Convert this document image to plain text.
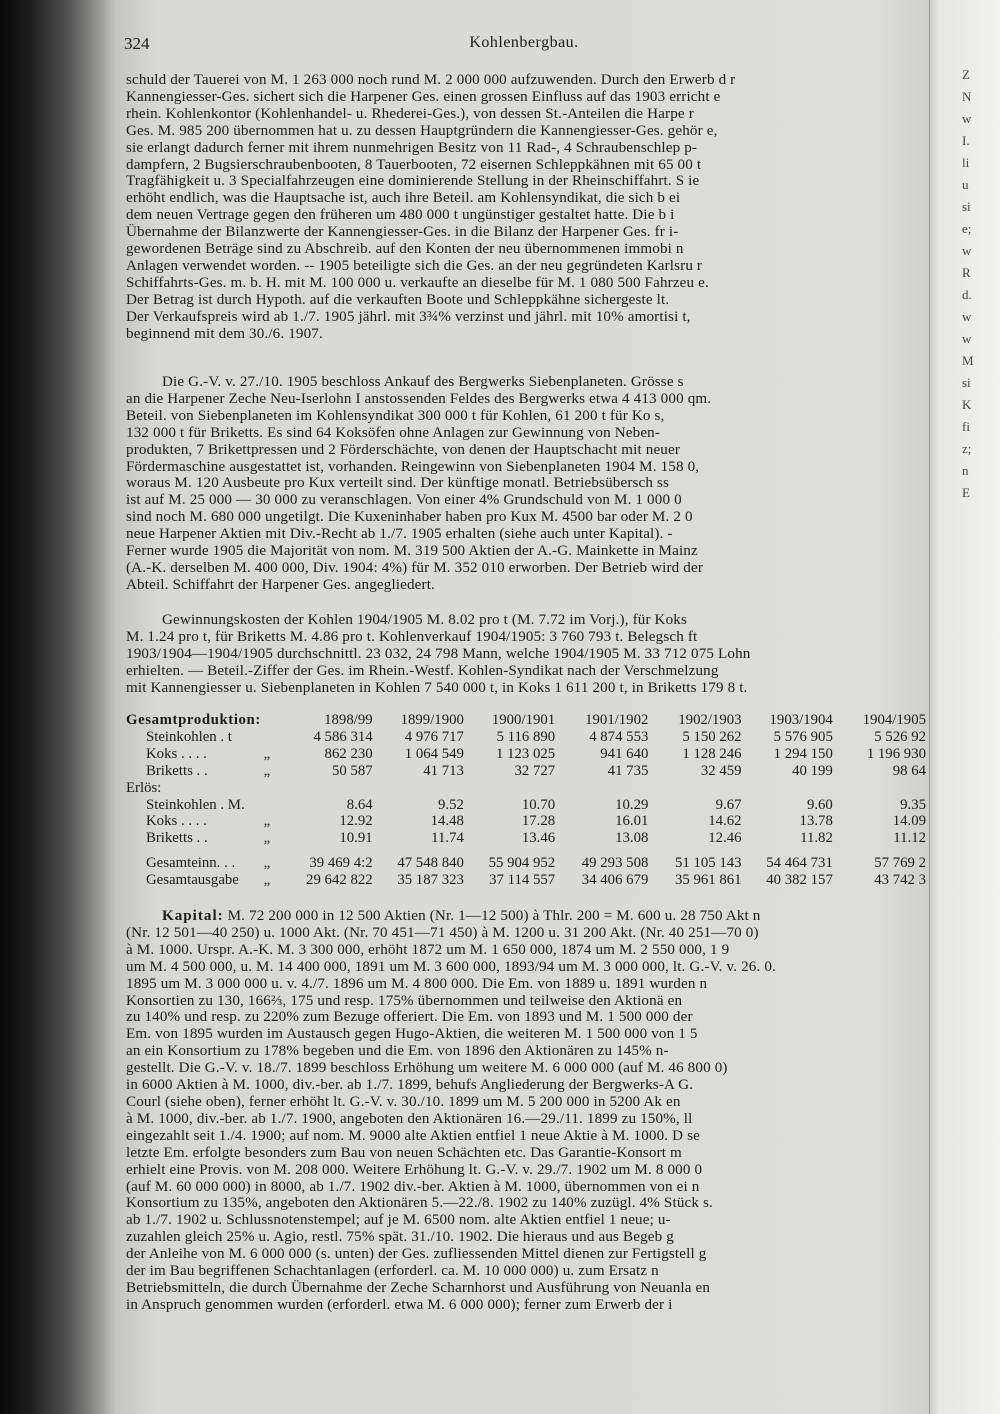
324	Kohlenbergbau.
schuld der Tauerei von M. 1 263 000 noch rund M. 2 000 000 aufzuwenden. Durch den Erwerb d r
Kannengiesser-Ges. sichert sich die Harpener Ges. einen grossen Einfluss auf das 1903 erricht e
rhein. Kohlenkontor (Kohlenhandel- u. Rhederei-Ges.), von dessen St.-Anteilen die Harpe r
Ges. M. 985 200 übernommen hat u. zu dessen Hauptgründern die Kannengiesser-Ges. gehör e,
sie erlangt dadurch ferner mit ihrem nunmehrigen Besitz von 11 Rad-, 4 Schraubenschlep p-
dampfern, 2 Bugsierschraubenbooten, 8 Tauerbooten, 72 eisernen Schleppkähnen mit 65 00 t
Tragfähigkeit u. 3 Specialfahrzeugen eine dominierende Stellung in der Rheinschiffahrt. S ie
erhöht endlich, was die Hauptsache ist, auch ihre Beteil. am Kohlensyndikat, die sich b ei
dem neuen Vertrage gegen den früheren um 480 000 t ungünstiger gestaltet hatte. Die b i
Übernahme der Bilanzwerte der Kannengiesser-Ges. in die Bilanz der Harpener Ges. fr i-
gewordenen Beträge sind zu Abschreib. auf den Konten der neu übernommenen immobi n
Anlagen verwendet worden. -- 1905 beteiligte sich die Ges. an der neu gegründeten Karlsru r
Schiffahrts-Ges. m. b. H. mit M. 100 000 u. verkaufte an dieselbe für M. 1 080 500 Fahrzeu e.
Der Betrag ist durch Hypoth. auf die verkauften Boote und Schleppkähne sichergeste lt.
Der Verkaufspreis wird ab 1./7. 1905 jährl. mit 3¾% verzinst und jährl. mit 10% amortisi t,
beginnend mit dem 30./6. 1907.
Die G.-V. v. 27./10. 1905 beschloss Ankauf des Bergwerks Siebenplaneten. Grösse s
an die Harpener Zeche Neu-Iserlohn I anstossenden Feldes des Bergwerks etwa 4 413 000 qm.
Beteil. von Siebenplaneten im Kohlensyndikat 300 000 t für Kohlen, 61 200 t für Ko s,
132 000 t für Briketts. Es sind 64 Koksöfen ohne Anlagen zur Gewinnung von Neben-
produkten, 7 Brikettpressen und 2 Förderschächte, von denen der Hauptschacht mit neuer
Fördermaschine ausgestattet ist, vorhanden. Reingewinn von Siebenplaneten 1904 M. 158 0,
woraus M. 120 Ausbeute pro Kux verteilt sind. Der künftige monatl. Betriebsübersch ss
ist auf M. 25 000 — 30 000 zu veranschlagen. Von einer 4% Grundschuld von M. 1 000 0
sind noch M. 680 000 ungetilgt. Die Kuxeninhaber haben pro Kux M. 4500 bar oder M. 2 0
neue Harpener Aktien mit Div.-Recht ab 1./7. 1905 erhalten (siehe auch unter Kapital). -
Ferner wurde 1905 die Majorität von nom. M. 319 500 Aktien der A.-G. Mainkette in Mainz
(A.-K. derselben M. 400 000, Div. 1904: 4%) für M. 352 010 erworben. Der Betrieb wird der
Abteil. Schiffahrt der Harpener Ges. angegliedert.
Gewinnungskosten der Kohlen 1904/1905 M. 8.02 pro t (M. 7.72 im Vorj.), für Koks
M. 1.24 pro t, für Briketts M. 4.86 pro t. Kohlenverkauf 1904/1905: 3 760 793 t. Belegsch ft
1903/1904—1904/1905 durchschnittl. 23 032, 24 798 Mann, welche 1904/1905 M. 33 712 075 Lohn
erhielten. — Beteil.-Ziffer der Ges. im Rhein.-Westf. Kohlen-Syndikat nach der Verschmelzung
mit Kannengiesser u. Siebenplaneten in Kohlen 7 540 000 t, in Koks 1 611 200 t, in Briketts 179 8 t.
Gesamtproduktion:		1898/99	1899/1900	1900/1901	1901/1902	1902/1903	1903/1904	1904/1905
Steinkohlen . t		4 586 314	4 976 717	5 116 890	4 874 553	5 150 262	5 576 905	5 526 92
Koks . . . .	„	862 230	1 064 549	1 123 025	941 640	1 128 246	1 294 150	1 196 930
Briketts . .	„	50 587	41 713	32 727	41 735	32 459	40 199	98 64
Erlös:								
Steinkohlen . M.		8.64	9.52	10.70	10.29	9.67	9.60	9.35
Koks . . . .	„	12.92	14.48	17.28	16.01	14.62	13.78	14.09
Briketts . .	„	10.91	11.74	13.46	13.08	12.46	11.82	11.12

Gesamteinn. . .	„	39 469 4:2	47 548 840	55 904 952	49 293 508	51 105 143	54 464 731	57 769 2
Gesamtausgabe	„	29 642 822	35 187 323	37 114 557	34 406 679	35 961 861	40 382 157	43 742 3
Kapital: M. 72 200 000 in 12 500 Aktien (Nr. 1—12 500) à Thlr. 200 = M. 600 u. 28 750 Akt n
(Nr. 12 501—40 250) u. 1000 Akt. (Nr. 70 451—71 450) à M. 1200 u. 31 200 Akt. (Nr. 40 251—70 0)
à M. 1000. Urspr. A.-K. M. 3 300 000, erhöht 1872 um M. 1 650 000, 1874 um M. 2 550 000, 1 9
um M. 4 500 000, u. M. 14 400 000, 1891 um M. 3 600 000, 1893/94 um M. 3 000 000, lt. G.-V. v. 26. 0.
1895 um M. 3 000 000 u. v. 4./7. 1896 um M. 4 800 000. Die Em. von 1889 u. 1891 wurden n
Konsortien zu 130, 166⅔, 175 und resp. 175% übernommen und teilweise den Aktionä en
zu 140% und resp. zu 220% zum Bezuge offeriert. Die Em. von 1893 und M. 1 500 000 der
Em. von 1895 wurden im Austausch gegen Hugo-Aktien, die weiteren M. 1 500 000 von 1 5
an ein Konsortium zu 178% begeben und die Em. von 1896 den Aktionären zu 145% n-
gestellt. Die G.-V. v. 18./7. 1899 beschloss Erhöhung um weitere M. 6 000 000 (auf M. 46 800 0)
in 6000 Aktien à M. 1000, div.-ber. ab 1./7. 1899, behufs Angliederung der Bergwerks-A G.
Courl (siehe oben), ferner erhöht lt. G.-V. v. 30./10. 1899 um M. 5 200 000 in 5200 Ak en
à M. 1000, div.-ber. ab 1./7. 1900, angeboten den Aktionären 16.—29./11. 1899 zu 150%, ll
eingezahlt seit 1./4. 1900; auf nom. M. 9000 alte Aktien entfiel 1 neue Aktie à M. 1000. D se
letzte Em. erfolgte besonders zum Bau von neuen Schächten etc. Das Garantie-Konsort m
erhielt eine Provis. von M. 208 000. Weitere Erhöhung lt. G.-V. v. 29./7. 1902 um M. 8 000 0
(auf M. 60 000 000) in 8000, ab 1./7. 1902 div.-ber. Aktien à M. 1000, übernommen von ei n
Konsortium zu 135%, angeboten den Aktionären 5.—22./8. 1902 zu 140% zuzügl. 4% Stück s.
ab 1./7. 1902 u. Schlussnotenstempel; auf je M. 6500 nom. alte Aktien entfiel 1 neue; u-
zuzahlen gleich 25% u. Agio, restl. 75% spät. 31./10. 1902. Die hieraus und aus Begeb g
der Anleihe von M. 6 000 000 (s. unten) der Ges. zufliessenden Mittel dienen zur Fertigstell g
der im Bau begriffenen Schachtanlagen (erforderl. ca. M. 10 000 000) u. zum Ersatz n
Betriebsmitteln, die durch Übernahme der Zeche Scharnhorst und Ausführung von Neuanla en
in Anspruch genommen wurden (erforderl. etwa M. 6 000 000); ferner zum Erwerb der i
Z
N
w
I.
li
u
si
e;
w
R
d.
w
w
M
si
K
fi
z;
n
E
